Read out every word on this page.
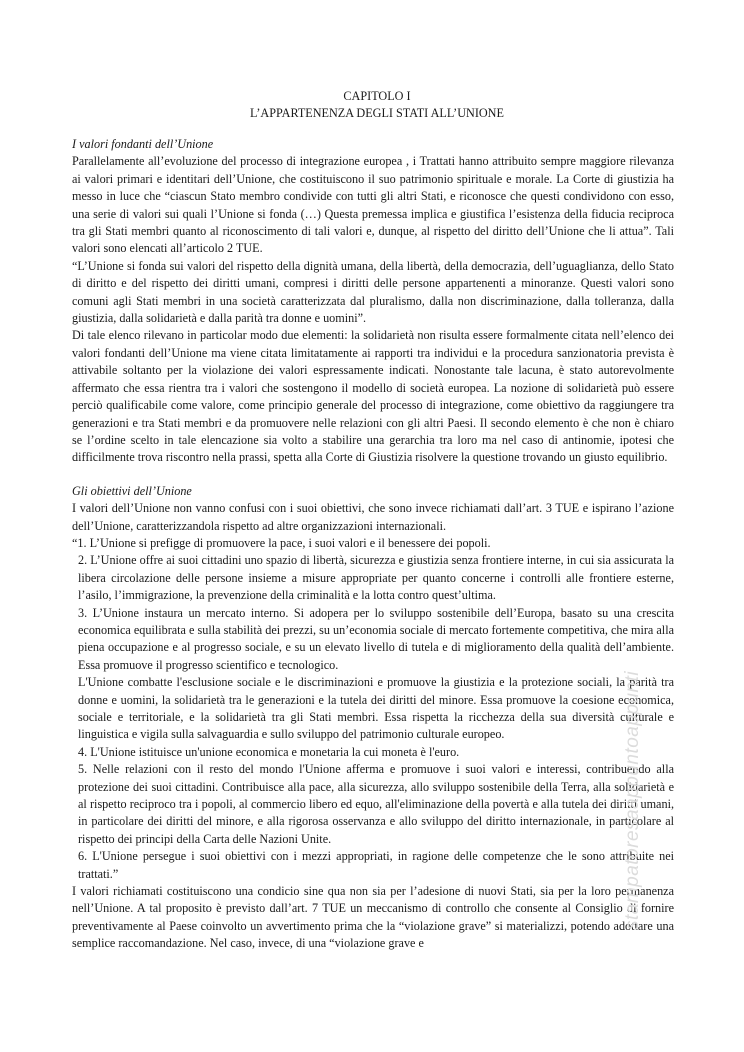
CAPITOLO I
L’APPARTENENZA DEGLI STATI ALL’UNIONE
I valori fondanti dell’Unione

Parallelamente all’evoluzione del processo di integrazione europea , i Trattati hanno attribuito sempre maggiore rilevanza ai valori primari e identitari dell’Unione, che costituiscono il suo patrimonio spirituale e morale. La Corte di giustizia ha messo in luce che “ciascun Stato membro condivide con tutti gli altri Stati, e riconosce che questi condividono con esso, una serie di valori sui quali l’Unione si fonda (…) Questa premessa implica e giustifica l’esistenza della fiducia reciproca tra gli Stati membri quanto al riconoscimento di tali valori e, dunque, al rispetto del diritto dell’Unione che li attua”. Tali valori sono elencati all’articolo 2 TUE.

“L’Unione si fonda sui valori del rispetto della dignità umana, della libertà, della democrazia, dell’uguaglianza, dello Stato di diritto e del rispetto dei diritti umani, compresi i diritti delle persone appartenenti a minoranze. Questi valori sono comuni agli Stati membri in una società caratterizzata dal pluralismo, dalla non discriminazione, dalla tolleranza, dalla giustizia, dalla solidarietà e dalla parità tra donne e uomini”.

Di tale elenco rilevano in particolar modo due elementi: la solidarietà non risulta essere formalmente citata nell’elenco dei valori fondanti dell’Unione ma viene citata limitatamente ai rapporti tra individui e la procedura sanzionatoria prevista è attivabile soltanto per la violazione dei valori espressamente indicati. Nonostante tale lacuna, è stato autorevolmente affermato che essa rientra tra i valori che sostengono il modello di società europea. La nozione di solidarietà può essere perciò qualificabile come valore, come principio generale del processo di integrazione, come obiettivo da raggiungere tra generazioni e tra Stati membri e da promuovere nelle relazioni con gli altri Paesi. Il secondo elemento è che non è chiaro se l’ordine scelto in tale elencazione sia volto a stabilire una gerarchia tra loro ma nel caso di antinomie, ipotesi che difficilmente trova riscontro nella prassi, spetta alla Corte di Giustizia risolvere la questione trovando un giusto equilibrio.

Gli obiettivi dell’Unione

I valori dell’Unione non vanno confusi con i suoi obiettivi, che sono invece richiamati dall’art. 3 TUE e ispirano l’azione dell’Unione, caratterizzandola rispetto ad altre organizzazioni internazionali.

“1. L’Unione si prefigge di promuovere la pace, i suoi valori e il benessere dei popoli.
2. L’Unione offre ai suoi cittadini uno spazio di libertà, sicurezza e giustizia senza frontiere interne, in cui sia assicurata la libera circolazione delle persone insieme a misure appropriate per quanto concerne i controlli alle frontiere esterne, l’asilo, l’immigrazione, la prevenzione della criminalità e la lotta contro quest’ultima.
3. L’Unione instaura un mercato interno. Si adopera per lo sviluppo sostenibile dell’Europa, basato su una crescita economica equilibrata e sulla stabilità dei prezzi, su un’economia sociale di mercato fortemente competitiva, che mira alla piena occupazione e al progresso sociale, e su un elevato livello di tutela e di miglioramento della qualità dell’ambiente. Essa promuove il progresso scientifico e tecnologico.
L'Unione combatte l'esclusione sociale e le discriminazioni e promuove la giustizia e la protezione sociali, la parità tra donne e uomini, la solidarietà tra le generazioni e la tutela dei diritti del minore. Essa promuove la coesione economica, sociale e territoriale, e la solidarietà tra gli Stati membri. Essa rispetta la ricchezza della sua diversità culturale e linguistica e vigila sulla salvaguardia e sullo sviluppo del patrimonio culturale europeo.
4. L'Unione istituisce un'unione economica e monetaria la cui moneta è l'euro.
5. Nelle relazioni con il resto del mondo l'Unione afferma e promuove i suoi valori e interessi, contribuendo alla protezione dei suoi cittadini. Contribuisce alla pace, alla sicurezza, allo sviluppo sostenibile della Terra, alla solidarietà e al rispetto reciproco tra i popoli, al commercio libero ed equo, all'eliminazione della povertà e alla tutela dei diritti umani, in particolare dei diritti del minore, e alla rigorosa osservanza e allo sviluppo del diritto internazionale, in particolare al rispetto dei principi della Carta delle Nazioni Unite.
6. L'Unione persegue i suoi obiettivi con i mezzi appropriati, in ragione delle competenze che le sono attribuite nei trattati.”

I valori richiamati costituiscono una condicio sine qua non sia per l’adesione di nuovi Stati, sia per la loro permanenza nell’Unione. A tal proposito è previsto dall’art. 7 TUE un meccanismo di controllo che consente al Consiglio di fornire preventivamente al Paese coinvolto un avvertimento prima che la “violazione grave” si materializzi, potendo adottare una semplice raccomandazione. Nel caso, invece, di una “violazione grave e

stampatoresaappuntoappunti
